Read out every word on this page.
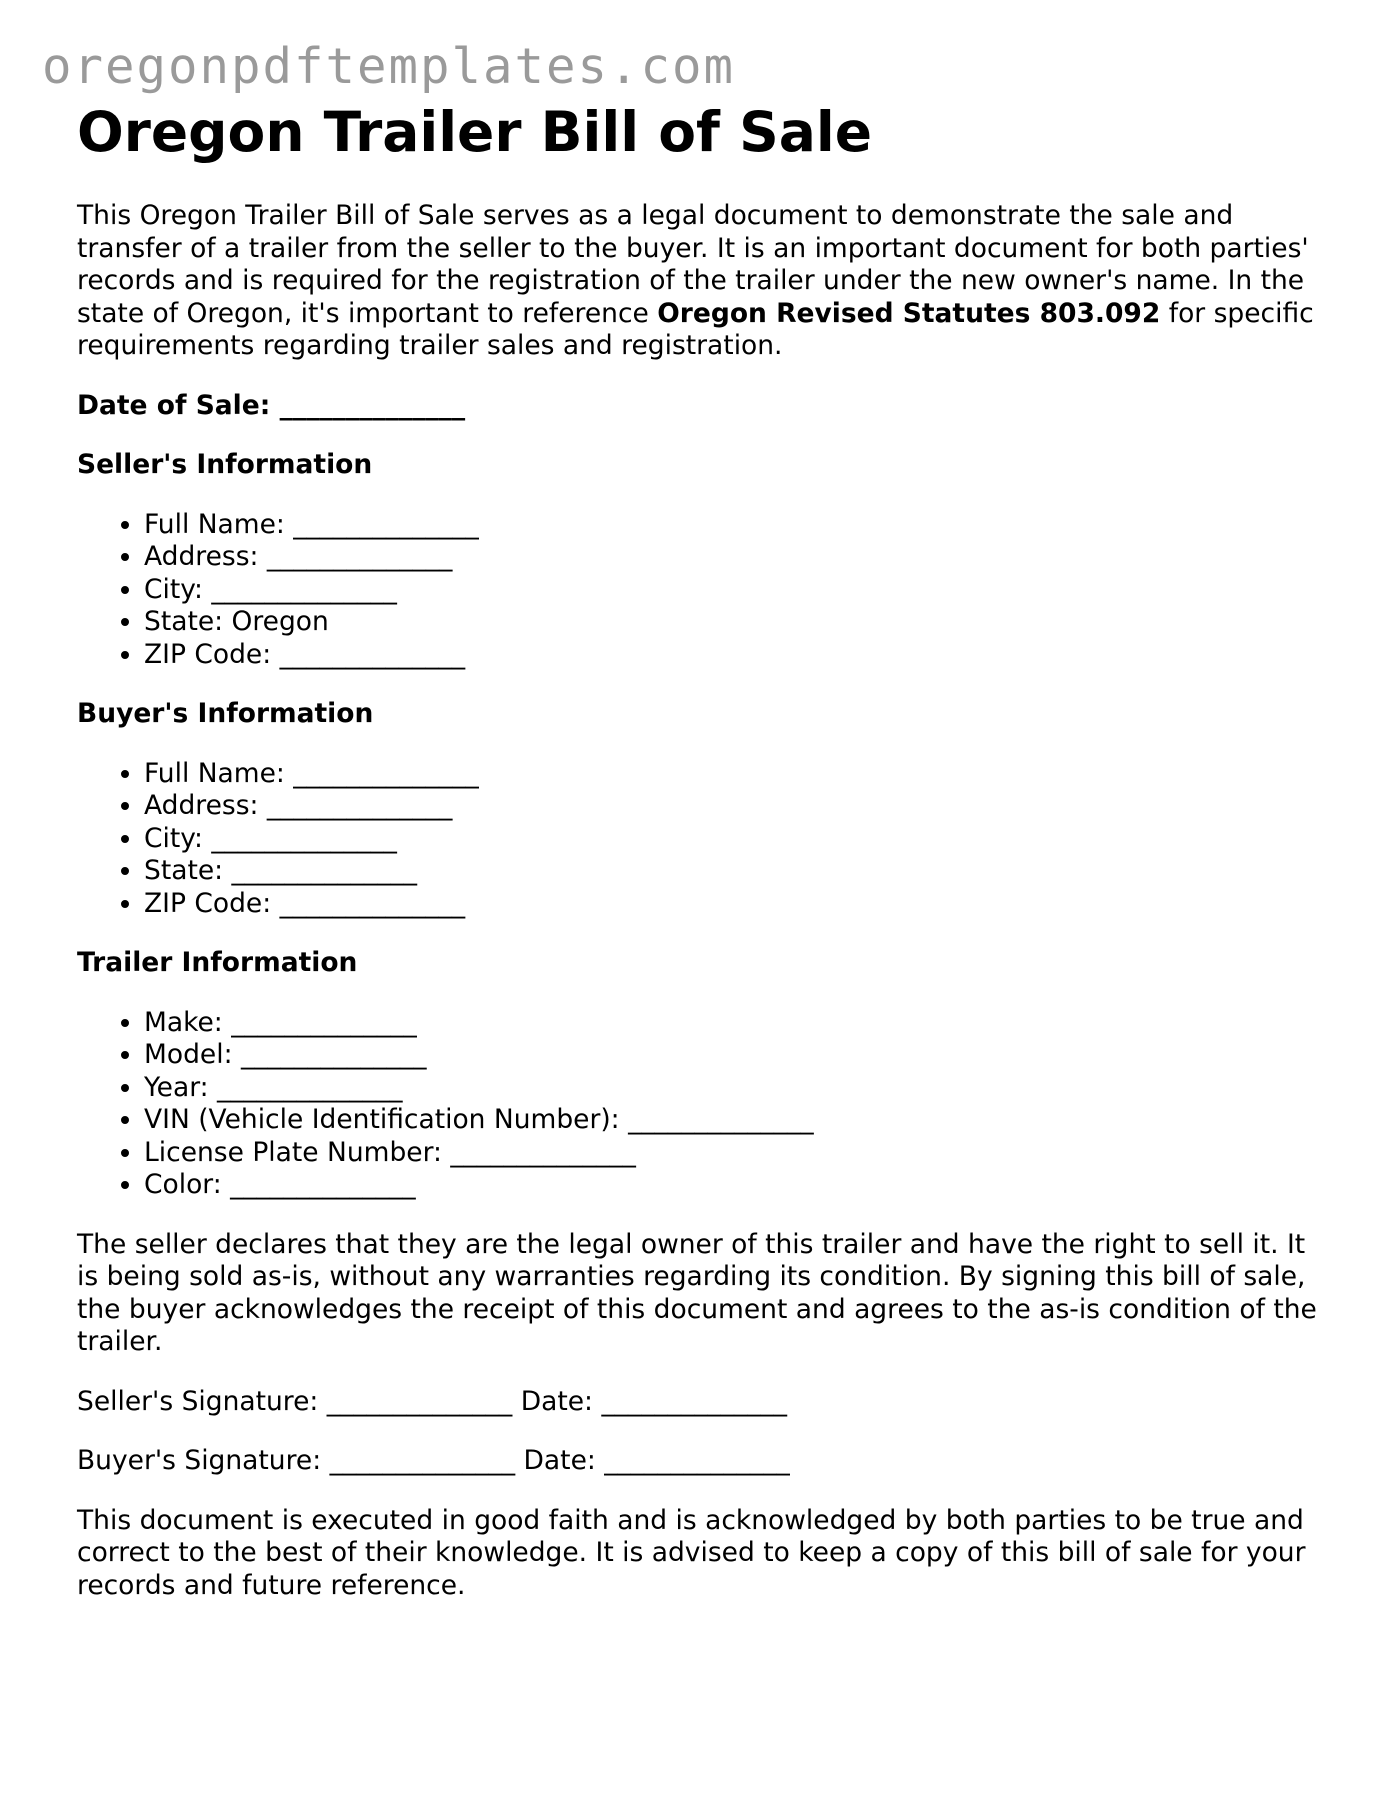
oregonpdftemplates.com
Oregon Trailer Bill of Sale

This Oregon Trailer Bill of Sale serves as a legal document to demonstrate the sale and transfer of a trailer from the seller to the buyer. It is an important document for both parties' records and is required for the registration of the trailer under the new owner's name. In the state of Oregon, it's important to reference Oregon Revised Statutes 803.092 for specific requirements regarding trailer sales and registration.

Date of Sale: ______________

Seller's Information
• Full Name: ______________
• Address: ______________
• City: ______________
• State: Oregon
• ZIP Code: ______________
Buyer's Information
• Full Name: ______________
• Address: ______________
• City: ______________
• State: ______________
• ZIP Code: ______________
Trailer Information
• Make: ______________
• Model: ______________
• Year: ______________
• VIN (Vehicle Identification Number): ______________
• License Plate Number: ______________
• Color: ______________

The seller declares that they are the legal owner of this trailer and have the right to sell it. It is being sold as-is, without any warranties regarding its condition. By signing this bill of sale, the buyer acknowledges the receipt of this document and agrees to the as-is condition of the trailer.

Seller's Signature: ______________ Date: ______________

Buyer's Signature: ______________ Date: ______________

This document is executed in good faith and is acknowledged by both parties to be true and correct to the best of their knowledge. It is advised to keep a copy of this bill of sale for your records and future reference.
